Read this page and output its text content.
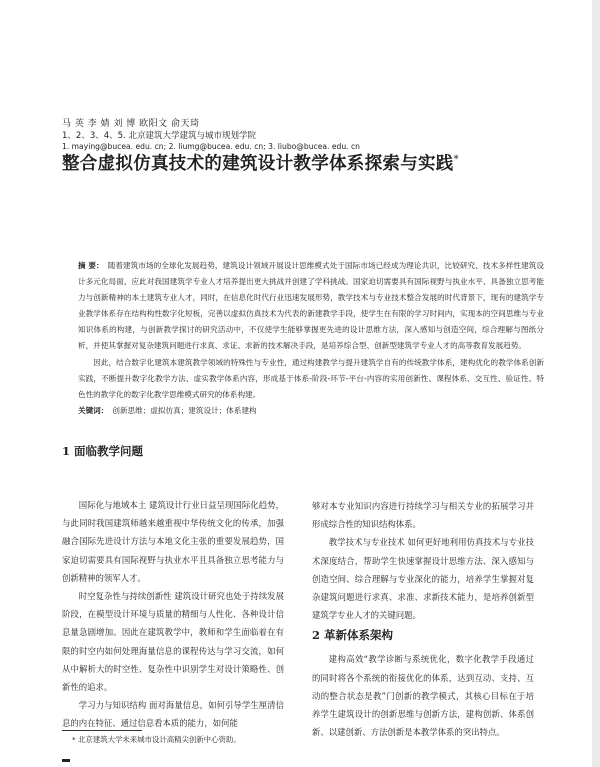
马 英 李 婧 刘 博 欧阳文 俞天琦
1、2、3、4、5. 北京建筑大学建筑与城市规划学院
1. maying@bucea. edu. cn; 2. liumg@bucea. edu. cn; 3. liubo@bucea. edu. cn
整合虚拟仿真技术的建筑设计教学体系探索与实践*

摘 要： 随着建筑市场的全球化发展趋势，建筑设计领域开展设计思维模式处于国际市场已经成为理论共识，比较研究、技术多样性建筑设计多元化局面，应此对我国建筑学专业人才培养提出更大挑战并创建了学科挑战。国家迫切需要具有国际视野与执业水平、具备独立思考能力与创新精神的本土建筑专业人才，同时，在信息化时代行业迅速发展形势，教学技术与专业技术整合发展的时代背景下，现有的建筑学专业教学体系存在结构构性数字化短板，完善以虚拟仿真技术为代表的新建教学手段，使学生在有限的学习时间内，实现本的空间思维与专业知识体系的构建，与创新教学探讨的研究活动中，不仅使学生能够掌握更先进的设计思维方法，深入感知与创造空间，综合理解与图纸分析，并使其掌握对复杂建筑问题进行求真、求证、求新的技术解决手段，是培养综合型、创新型建筑学专业人才的高等教育发展趋势。

因此，结合数字化建筑本建筑教学领域的特殊性与专业性，通过构建教学与提升建筑学自有的传统教学体系，建构优化的教学体系创新实践，不断提升数字化教学方法、虚实教学体系内容，形成基于体系-阶段-环节-平台-内容的实用创新性、课程体系、交互性、验证性、特色性的教学化的数字化教学思维模式研究的体系构建。

关键词： 创新思维；虚拟仿真；建筑设计；体系建构

1 面临教学问题

国际化与地域本土 建筑设计行业日益呈现国际化趋势，与此同时我国建筑师越来越重视中华传统文化的传承，加强融合国际先进设计方法与本地文化主张的重要发展趋势，国家迫切需要具有国际视野与执业水平且具备独立思考能力与创新精神的领军人才。

时空复杂性与持续创新性 建筑设计研究也处于持续发展阶段，在模型设计环境与质量的精细与人性化、各种设计信息量急剧增加。因此在建筑教学中，教师和学生面临着在有限的时空内如何处理海量信息的课程传达与学习交流，如何从中解析大的时空性、复杂性中识别学生对设计策略性、创新性的追求。

学习力与知识结构 面对海量信息，如何引导学生厘清信息的内在特征、通过信息看本质的能力，如何能

够对本专业知识内容进行持续学习与相关专业的拓展学习并形成综合性的知识结构体系。

教学技术与专业技术 如何更好地利用仿真技术与专业技术深度结合，帮助学生快速掌握设计思维方法、深入感知与创造空间、综合理解与专业深化的能力，培养学生掌握对复杂建筑问题进行求真、求准、求新技术能力，是培养创新型建筑学专业人才的关键问题。

2 革新体系架构

建构高效“教学诊断与系统优化，数字化教学手段通过的同时将各个系统的衔接优化的体系，达到互动、支持、互动的整合状态是教”门创新的教学模式，其核心目标在于培养学生建筑设计的创新思维与创新方法，建构创新、体系创新、以建创新、方法创新是本教学体系的突出特点。

* 北京建筑大学未来城市设计高精尖创新中心资助。
